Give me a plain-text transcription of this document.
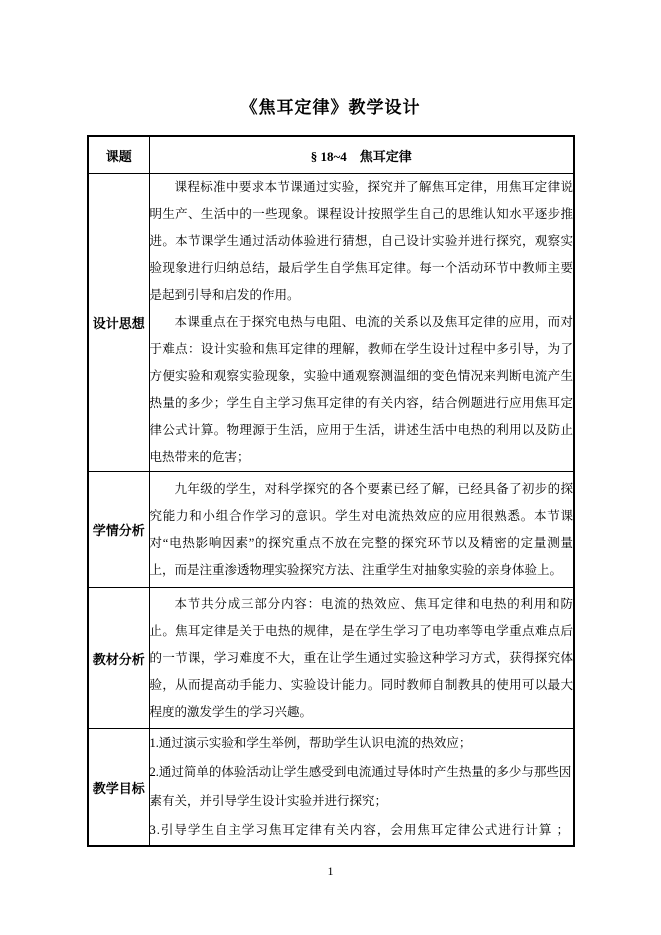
《焦耳定律》教学设计
课题	§ 18~4　焦耳定律

设计思想	课程标准中要求本节课通过实验，探究并了解焦耳定律，用焦耳定律说明生产、生活中的一些现象。课程设计按照学生自己的思维认知水平逐步推进。本节课学生通过活动体验进行猜想，自己设计实验并进行探究，观察实验现象进行归纳总结，最后学生自学焦耳定律。每一个活动环节中教师主要是起到引导和启发的作用。

本课重点在于探究电热与电阻、电流的关系以及焦耳定律的应用，而对于难点：设计实验和焦耳定律的理解，教师在学生设计过程中多引导，为了方便实验和观察实验现象，实验中通观察测温细的变色情况来判断电流产生热量的多少；学生自主学习焦耳定律的有关内容，结合例题进行应用焦耳定律公式计算。物理源于生活，应用于生活，讲述生活中电热的利用以及防止电热带来的危害；

学情分析	九年级的学生，对科学探究的各个要素已经了解，已经具备了初步的探究能力和小组合作学习的意识。学生对电流热效应的应用很熟悉。本节课对“电热影响因素”的探究重点不放在完整的探究环节以及精密的定量测量上，而是注重渗透物理实验探究方法、注重学生对抽象实验的亲身体验上。

教材分析	本节共分成三部分内容：电流的热效应、焦耳定律和电热的利用和防止。焦耳定律是关于电热的规律，是在学生学习了电功率等电学重点难点后的一节课，学习难度不大，重在让学生通过实验这种学习方式，获得探究体验，从而提高动手能力、实验设计能力。同时教师自制教具的使用可以最大程度的激发学生的学习兴趣。

教学目标	1.通过演示实验和学生举例，帮助学生认识电流的热效应；
2.通过简单的体验活动让学生感受到电流通过导体时产生热量的多少与那些因素有关，并引导学生设计实验并进行探究；
3.引导学生自主学习焦耳定律有关内容，会用焦耳定律公式进行计算 ；
1
